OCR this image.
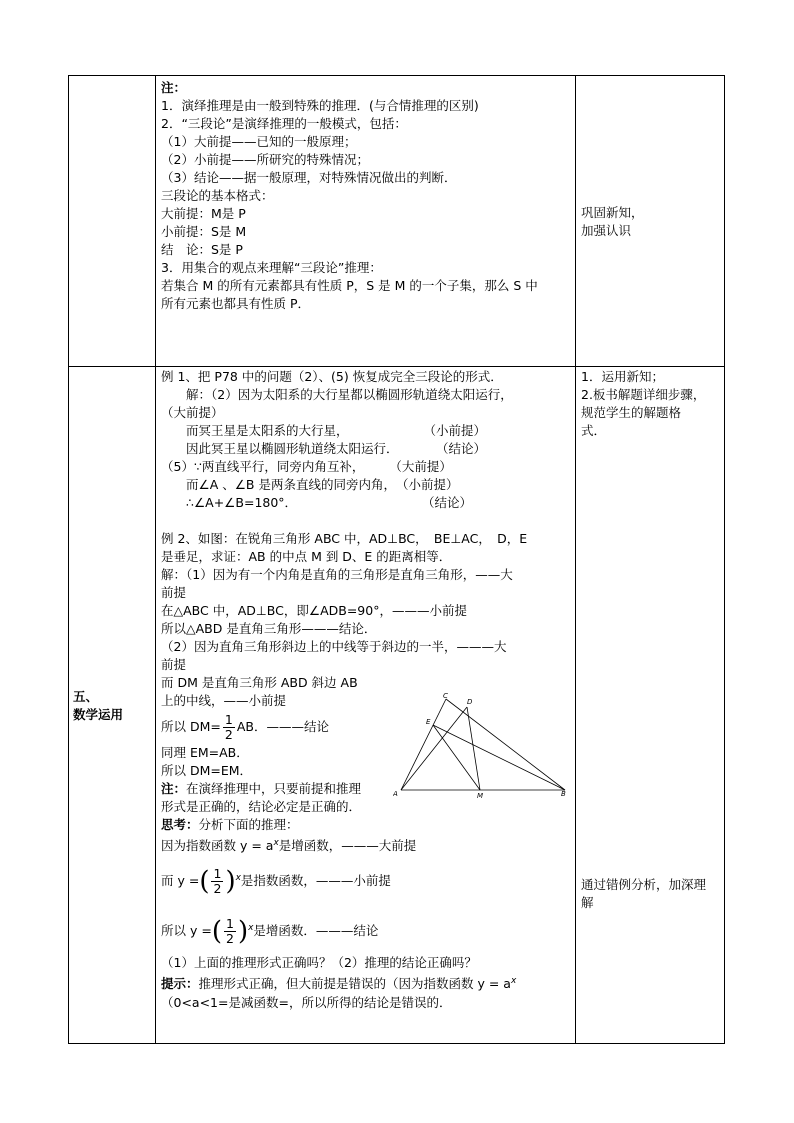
注：
1．演绎推理是由一般到特殊的推理．(与合情推理的区别)
2．“三段论”是演绎推理的一般模式，包括：
（1）大前提——已知的一般原理；
（2）小前提——所研究的特殊情况；
（3）结论——据一般原理，对特殊情况做出的判断．
三段论的基本格式：
大前提：M是 P
小前提：S是 M
结　论：S是 P
3．用集合的观点来理解“三段论”推理：
若集合 M 的所有元素都具有性质 P，S 是 M 的一个子集，那么 S 中
所有元素也都具有性质 P．
巩固新知，
加强认识
五、
数学运用
例 1、把 P78 中的问题（2）、(5) 恢复成完全三段论的形式．
　　解：（2）因为太阳系的大行星都以椭圆形轨道绕太阳运行，
（大前提）
　　而冥王星是太阳系的大行星，　　　　　　　（小前提）
　　因此冥王星以椭圆形轨道绕太阳运行．　　　　（结论）
（5）∵两直线平行，同旁内角互补，　　　（大前提）
　　而∠A 、∠B 是两条直线的同旁内角，　（小前提）
　　∴∠A+∠B=180°．　　　　　　　　　　　（结论）
例 2、如图：在锐角三角形 ABC 中，AD⊥BC，　BE⊥AC，　D，E
是垂足，求证：AB 的中点 M 到 D、E 的距离相等．
解：（1）因为有一个内角是直角的三角形是直角三角形，——大
前提
在△ABC 中，AD⊥BC，即∠ADB=90°，———小前提
所以△ABD 是直角三角形———结论．
（2）因为直角三角形斜边上的中线等于斜边的一半，———大
前提
而 DM 是直角三角形 ABD 斜边 AB
上的中线，——小前提
所以 $DM= \frac{1}{2}$ AB．———结论
同理 EM=AB．
所以 DM=EM．
注：在演绎推理中，只要前提和推理形式是正确的，结论必定是正确的．
思考：分析下面的推理：
因为指数函数 $y = a^x$是增函数，———大前提
而 y =( $\frac{1}{2} )^x$是指数函数，———小前提
所以 y =( $\frac{1}{2} )^x$是增函数．———结论
（1）上面的推理形式正确吗？（2）推理的结论正确吗？
提示：推理形式正确，但大前提是错误的（因为指数函数 $y = a^x$
（0<a<1=是减函数=，所以所得的结论是错误的．
A	B
C
D
E
M
1．运用新知；
2.板书解题详细步骤，
规范学生的解题格
式．
通过错例分析，加深理
解
